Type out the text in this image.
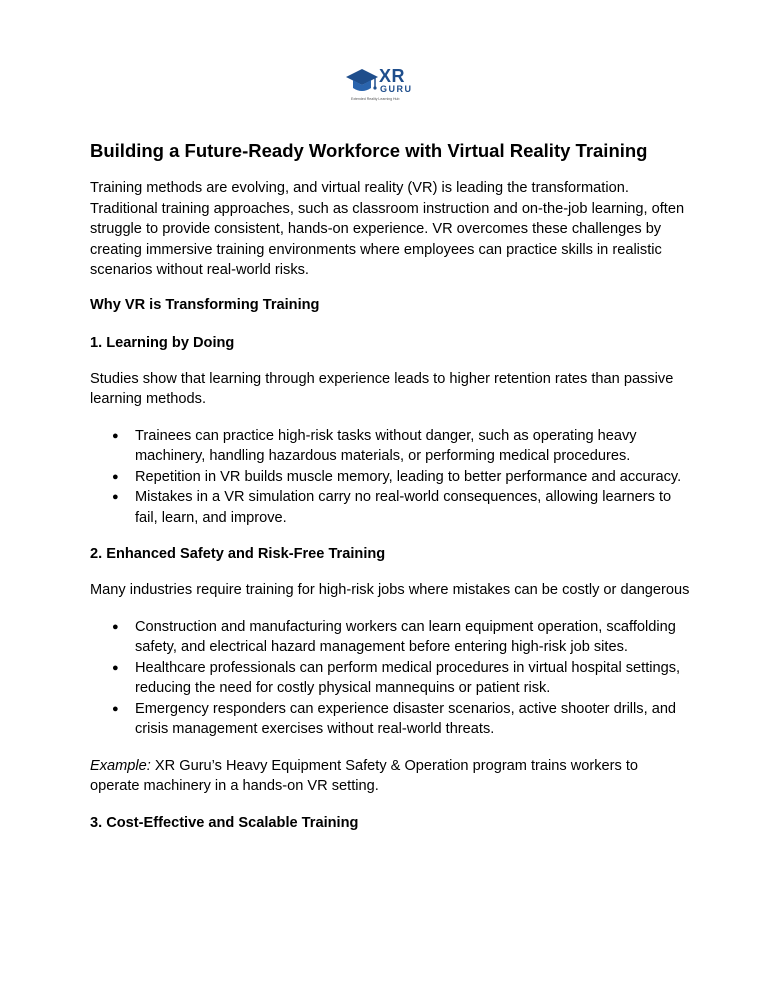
XR
GURU
Extended Reality Learning Hub
Building a Future-Ready Workforce with Virtual Reality Training

Training methods are evolving, and virtual reality (VR) is leading the transformation. Traditional training approaches, such as classroom instruction and on-the-job learning, often struggle to provide consistent, hands-on experience. VR overcomes these challenges by creating immersive training environments where employees can practice skills in realistic scenarios without real-world risks.

Why VR is Transforming Training
1. Learning by Doing

Studies show that learning through experience leads to higher retention rates than passive learning methods.

● Trainees can practice high-risk tasks without danger, such as operating heavy machinery, handling hazardous materials, or performing medical procedures.
● Repetition in VR builds muscle memory, leading to better performance and accuracy.
● Mistakes in a VR simulation carry no real-world consequences, allowing learners to fail, learn, and improve.
2. Enhanced Safety and Risk-Free Training

Many industries require training for high-risk jobs where mistakes can be costly or dangerous

● Construction and manufacturing workers can learn equipment operation, scaffolding safety, and electrical hazard management before entering high-risk job sites.
● Healthcare professionals can perform medical procedures in virtual hospital settings, reducing the need for costly physical mannequins or patient risk.
● Emergency responders can experience disaster scenarios, active shooter drills, and crisis management exercises without real-world threats.

Example: XR Guru’s Heavy Equipment Safety & Operation program trains workers to operate machinery in a hands-on VR setting.

3. Cost-Effective and Scalable Training
